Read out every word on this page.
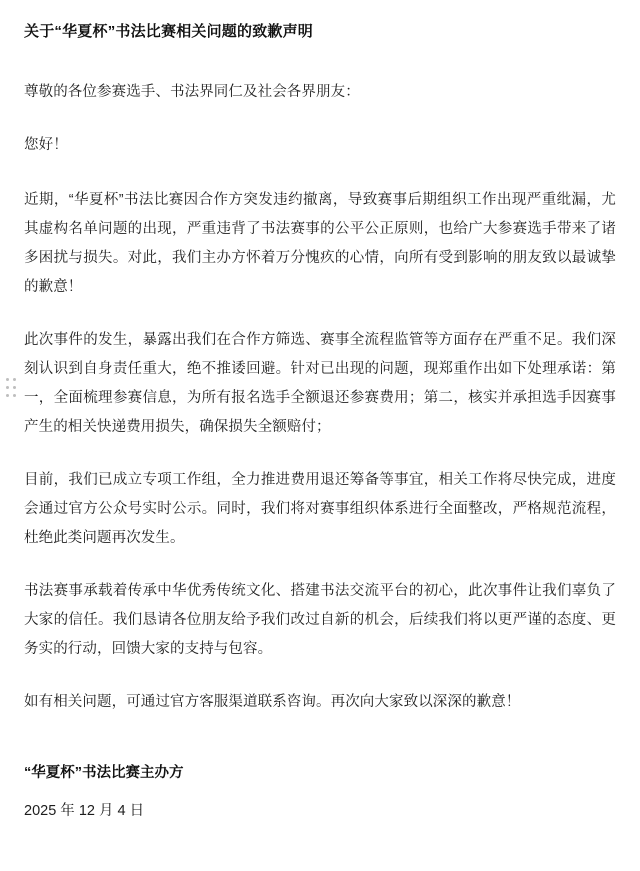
关于“华夏杯”书法比赛相关问题的致歉声明

尊敬的各位参赛选手、书法界同仁及社会各界朋友：

您好！

近期，“华夏杯”书法比赛因合作方突发违约撤离，导致赛事后期组织工作出现严重纰漏，尤其虚构名单问题的出现，严重违背了书法赛事的公平公正原则，也给广大参赛选手带来了诸多困扰与损失。对此，我们主办方怀着万分愧疚的心情，向所有受到影响的朋友致以最诚挚的歉意！

此次事件的发生，暴露出我们在合作方筛选、赛事全流程监管等方面存在严重不足。我们深刻认识到自身责任重大，绝不推诿回避。针对已出现的问题，现郑重作出如下处理承诺：第一，全面梳理参赛信息，为所有报名选手全额退还参赛费用；第二，核实并承担选手因赛事产生的相关快递费用损失，确保损失全额赔付；

目前，我们已成立专项工作组，全力推进费用退还筹备等事宜，相关工作将尽快完成，进度会通过官方公众号实时公示。同时，我们将对赛事组织体系进行全面整改，严格规范流程，杜绝此类问题再次发生。

书法赛事承载着传承中华优秀传统文化、搭建书法交流平台的初心，此次事件让我们辜负了大家的信任。我们恳请各位朋友给予我们改过自新的机会，后续我们将以更严谨的态度、更务实的行动，回馈大家的支持与包容。

如有相关问题，可通过官方客服渠道联系咨询。再次向大家致以深深的歉意！

“华夏杯”书法比赛主办方

2025 年 12 月 4 日
